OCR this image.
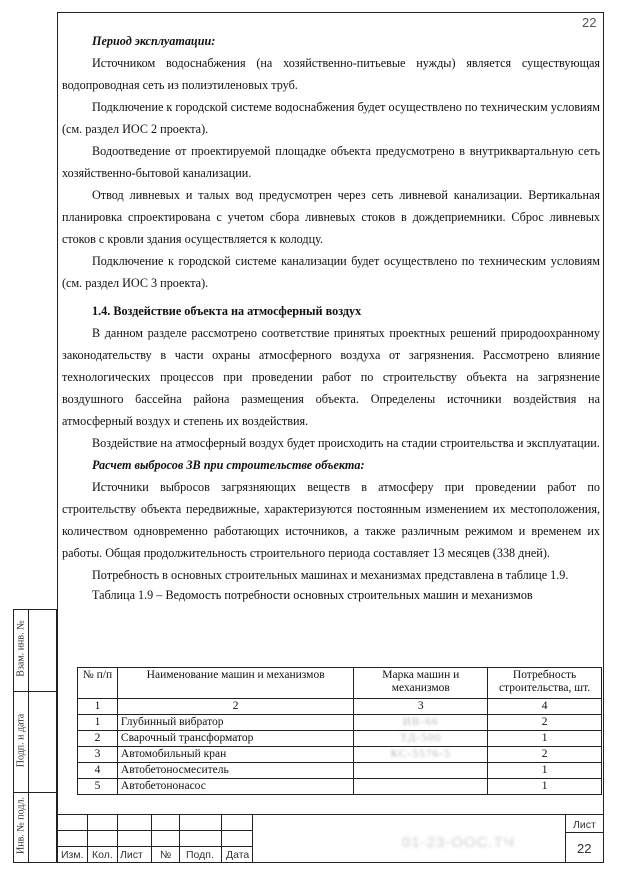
22

Период эксплуатации:

Источником водоснабжения (на хозяйственно-питьевые нужды) является существующая водопроводная сеть из полиэтиленовых труб.

Подключение к городской системе водоснабжения будет осуществлено по техническим условиям (см. раздел ИОС 2 проекта).

Водоотведение от проектируемой площадке объекта предусмотрено в внутриквартальную сеть хозяйственно-бытовой канализации.

Отвод ливневых и талых вод предусмотрен через сеть ливневой канализации. Вертикальная планировка спроектирована с учетом сбора ливневых стоков в дождеприемники. Сброс ливневых стоков с кровли здания осуществляется к колодцу.

Подключение к городской системе канализации будет осуществлено по техническим условиям (см. раздел ИОС 3 проекта).

1.4. Воздействие объекта на атмосферный воздух

В данном разделе рассмотрено соответствие принятых проектных решений природоохранному законодательству в части охраны атмосферного воздуха от загрязнения. Рассмотрено влияние технологических процессов при проведении работ по строительству объекта на загрязнение воздушного бассейна района размещения объекта. Определены источники воздействия на атмосферный воздух и степень их воздействия.

Воздействие на атмосферный воздух будет происходить на стадии строительства и эксплуатации.

Расчет выбросов ЗВ при строительстве объекта:

Источники выбросов загрязняющих веществ в атмосферу при проведении работ по строительству объекта передвижные, характеризуются постоянным изменением их местоположения, количеством одновременно работающих источников, а также различным режимом и временем их работы. Общая продолжительность строительного периода составляет 13 месяцев (338 дней).

Потребность в основных строительных машинах и механизмах представлена в таблице 1.9.

Таблица 1.9 – Ведомость потребности основных строительных машин и механизмов

№ п/п	Наименование машин и механизмов	Марка машин и механизмов	Потребность строительства, шт.
1	2	3	4
1	Глубинный вибратор	ИВ-66	2
2	Сварочный трансформатор	ТД-500	1
3	Автомобильный кран	КС-5576-5	2
4	Автобетоносмеситель		1
5	Автобетононасос		1
Взам. инв. №
Подп. и дата
Инв. № подл.
Изм. Кол. Лист № Подп. Дата
Лист
22
01-23-ООС.ТЧ
